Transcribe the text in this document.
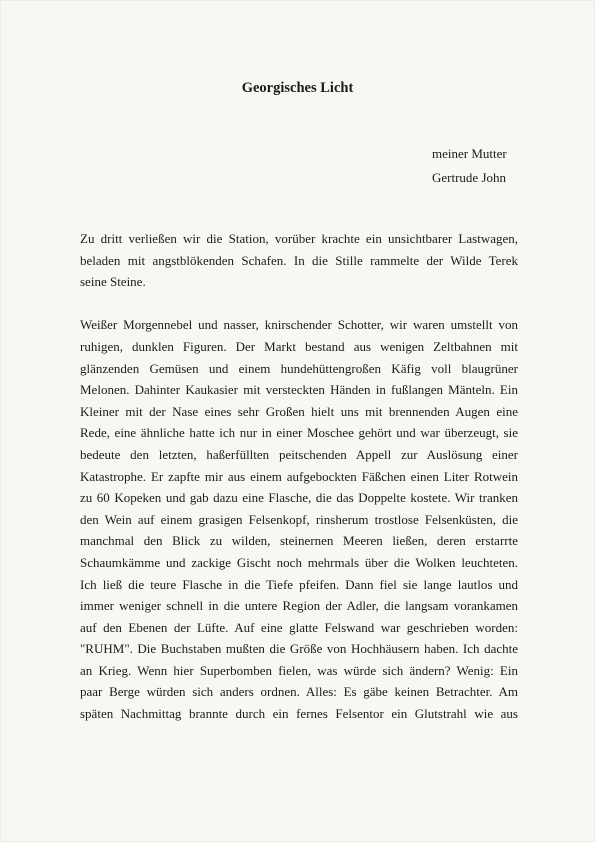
Georgisches Licht
meiner Mutter
Gertrude John
Zu dritt verließen wir die Station, vorüber krachte ein unsichtbarer Lastwagen,
beladen mit angstblökenden Schafen. In die Stille rammelte der Wilde Terek
seine Steine.
Weißer Morgennebel und nasser, knirschender Schotter, wir waren umstellt von
ruhigen, dunklen Figuren. Der Markt bestand aus wenigen Zeltbahnen mit
glänzenden Gemüsen und einem hundehüttengroßen Käfig voll blaugrüner
Melonen. Dahinter Kaukasier mit versteckten Händen in fußlangen Mänteln. Ein
Kleiner mit der Nase eines sehr Großen hielt uns mit brennenden Augen eine
Rede, eine ähnliche hatte ich nur in einer Moschee gehört und war überzeugt, sie
bedeute den letzten, haßerfüllten peitschenden Appell zur Auslösung einer
Katastrophe. Er zapfte mir aus einem aufgebockten Fäßchen einen Liter Rotwein
zu 60 Kopeken und gab dazu eine Flasche, die das Doppelte kostete. Wir tranken
den Wein auf einem grasigen Felsenkopf, rinsherum trostlose Felsenküsten, die
manchmal den Blick zu wilden, steinernen Meeren ließen, deren erstarrte
Schaumkämme und zackige Gischt noch mehrmals über die Wolken leuchteten.
Ich ließ die teure Flasche in die Tiefe pfeifen. Dann fiel sie lange lautlos und
immer weniger schnell in die untere Region der Adler, die langsam vorankamen
auf den Ebenen der Lüfte. Auf eine glatte Felswand war geschrieben worden:
"RUHM". Die Buchstaben mußten die Größe von Hochhäusern haben. Ich dachte
an Krieg. Wenn hier Superbomben fielen, was würde sich ändern? Wenig: Ein
paar Berge würden sich anders ordnen. Alles: Es gäbe keinen Betrachter. Am
späten Nachmittag brannte durch ein fernes Felsentor ein Glutstrahl wie aus
